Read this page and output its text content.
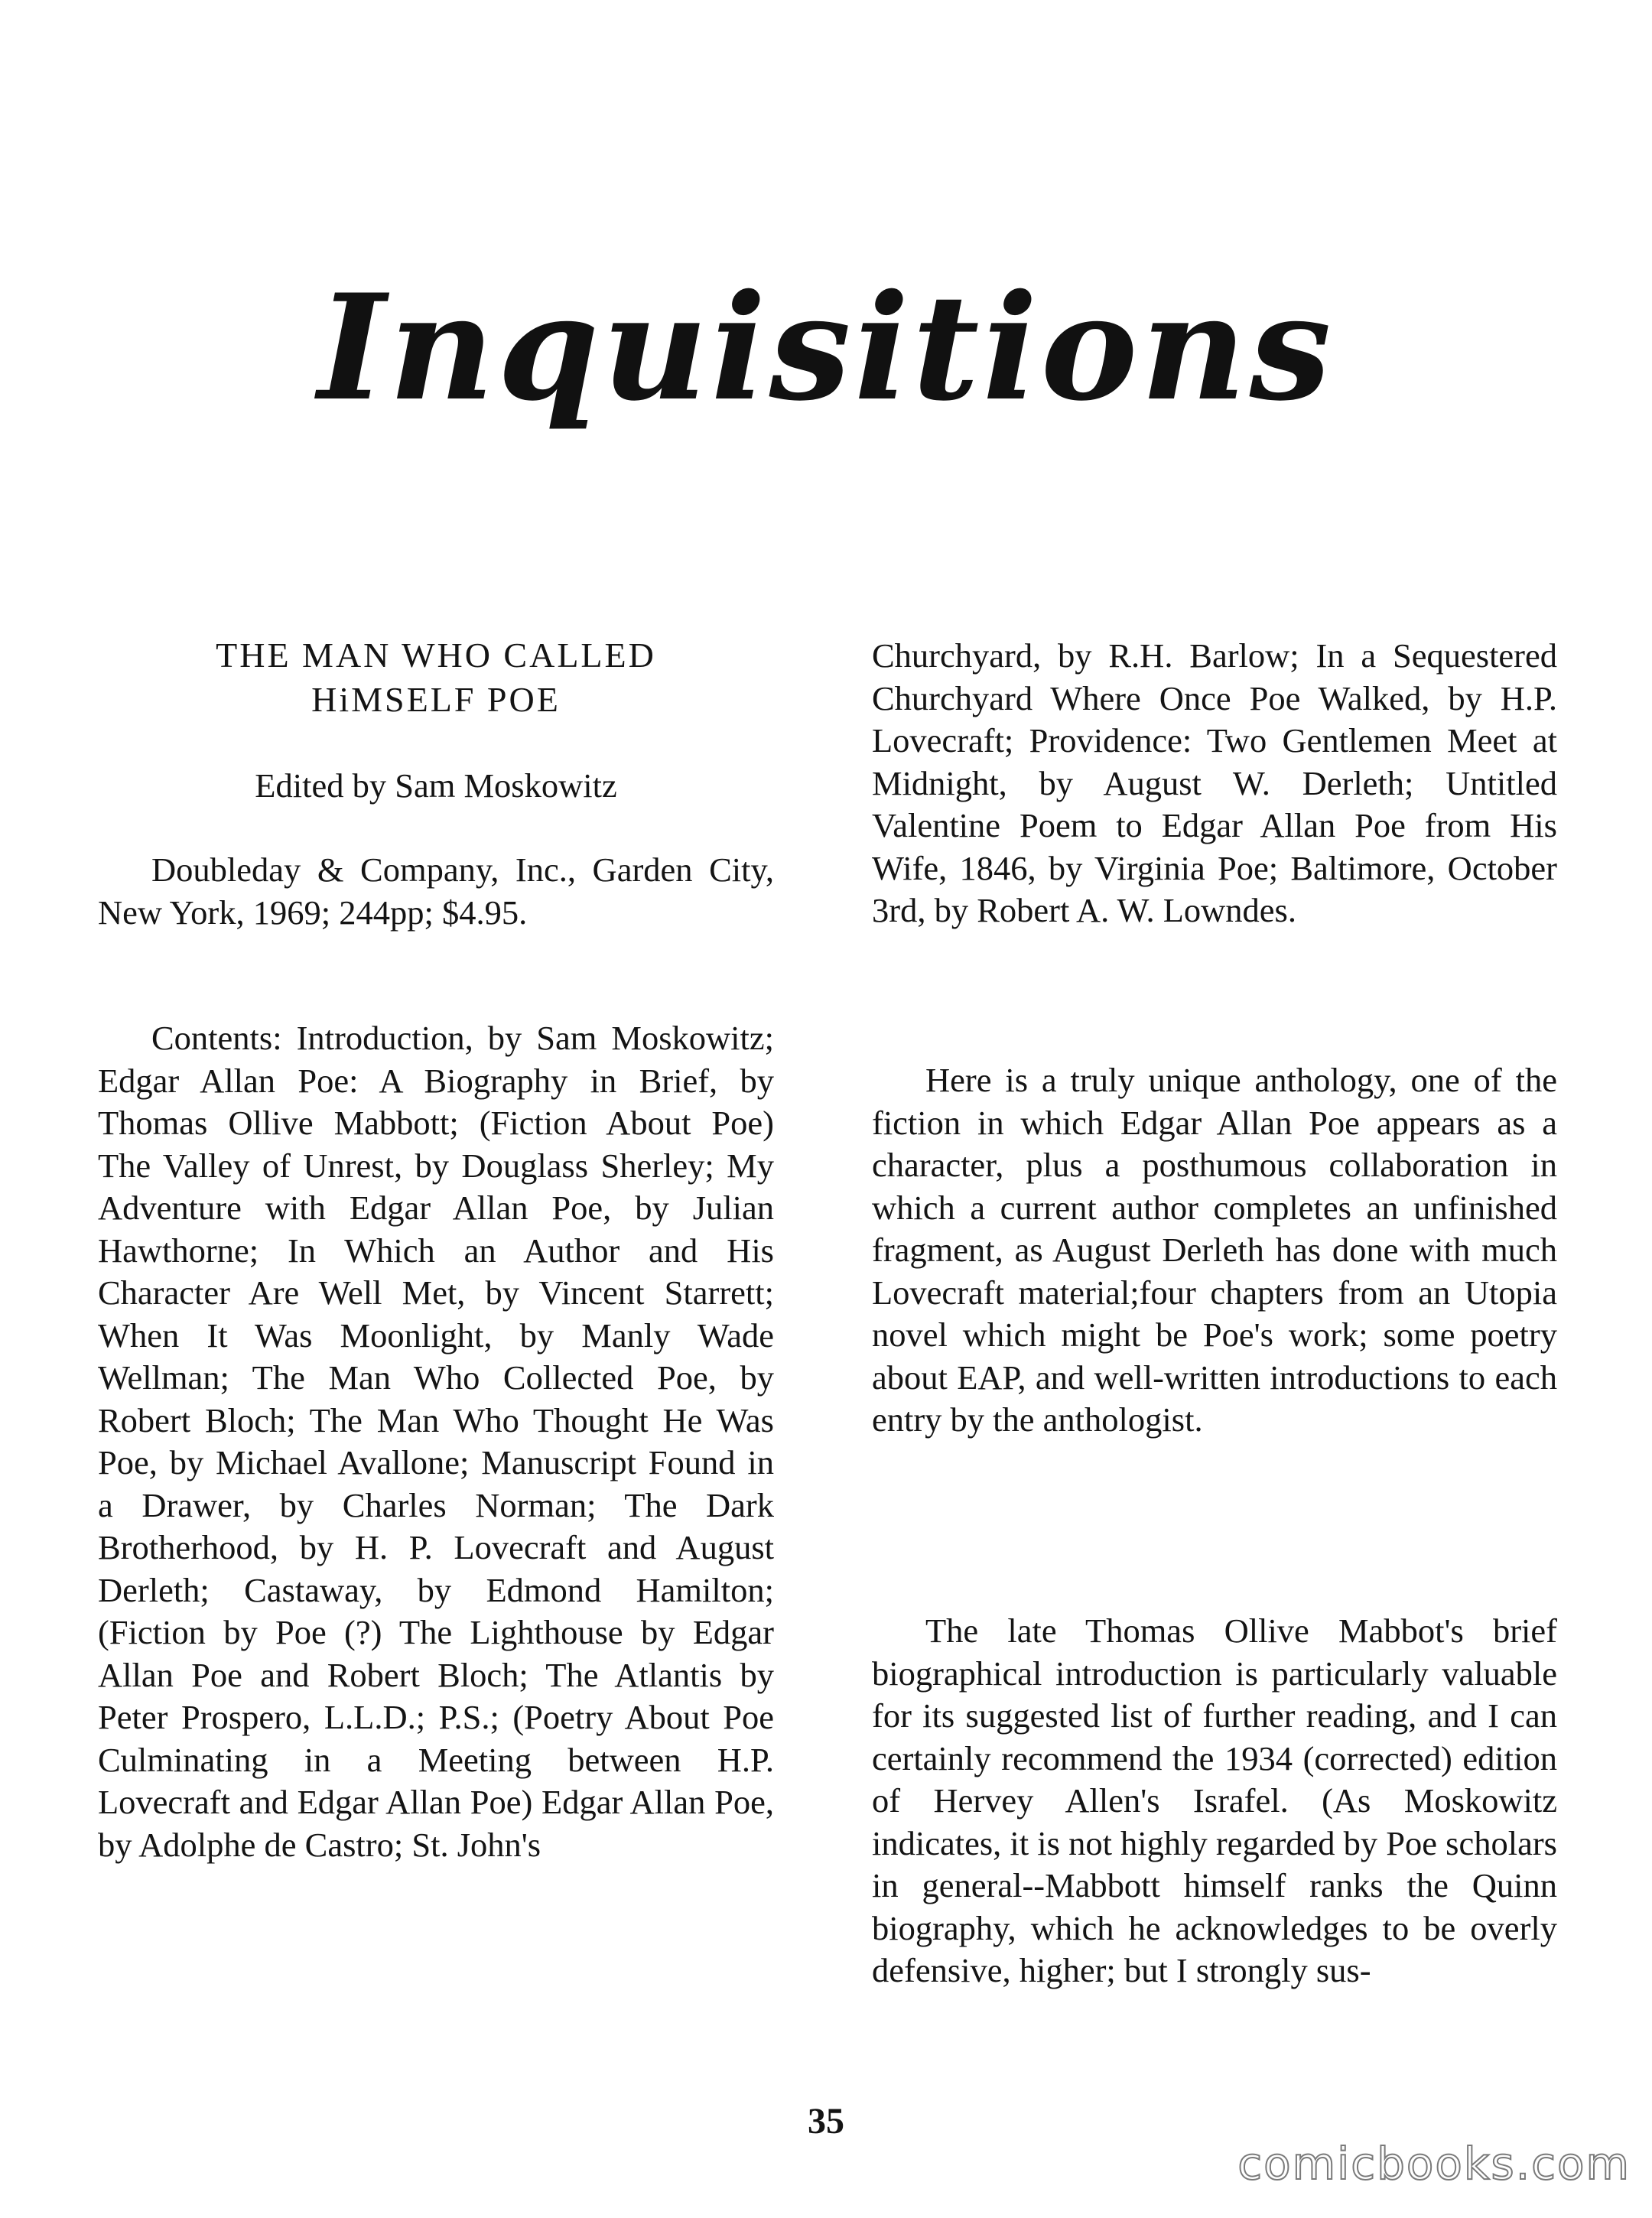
Inquisitions
THE MAN WHO CALLED
HiMSELF POE
Edited by Sam Moskowitz

Doubleday & Company, Inc., Garden City, New York, 1969; 244pp; $4.95.

Contents: Introduction, by Sam Moskowitz; Edgar Allan Poe: A Biography in Brief, by Thomas Ollive Mabbott; (Fiction About Poe) The Valley of Unrest, by Douglass Sherley; My Adventure with Edgar Allan Poe, by Julian Hawthorne; In Which an Author and His Character Are Well Met, by Vincent Starrett; When It Was Moonlight, by Manly Wade Wellman; The Man Who Collected Poe, by Robert Bloch; The Man Who Thought He Was Poe, by Michael Avallone; Manuscript Found in a Drawer, by Charles Norman; The Dark Brotherhood, by H. P. Lovecraft and August Derleth; Castaway, by Edmond Hamilton; (Fiction by Poe (?) The Lighthouse by Edgar Allan Poe and Robert Bloch; The Atlantis by Peter Prospero, L.L.D.; P.S.; (Poetry About Poe Culminating in a Meeting between H.P. Lovecraft and Edgar Allan Poe) Edgar Allan Poe, by Adolphe de Castro; St. John's

Churchyard, by R.H. Barlow; In a Sequestered Churchyard Where Once Poe Walked, by H.P. Lovecraft; Providence: Two Gentlemen Meet at Midnight, by August W. Derleth; Untitled Valentine Poem to Edgar Allan Poe from His Wife, 1846, by Virginia Poe; Baltimore, October 3rd, by Robert A. W. Lowndes.

Here is a truly unique anthology, one of the fiction in which Edgar Allan Poe appears as a character, plus a posthumous collaboration in which a current author completes an unfinished fragment, as August Derleth has done with much Lovecraft material;four chapters from an Utopia novel which might be Poe's work; some poetry about EAP, and well-written introductions to each entry by the anthologist.

The late Thomas Ollive Mabbot's brief biographical introduction is particularly valuable for its suggested list of further reading, and I can certainly recommend the 1934 (corrected) edition of Hervey Allen's Israfel. (As Moskowitz indicates, it is not highly regarded by Poe scholars in general--Mabbott himself ranks the Quinn biography, which he acknowledges to be overly defensive, higher; but I strongly sus-

35
comicbooks.com
